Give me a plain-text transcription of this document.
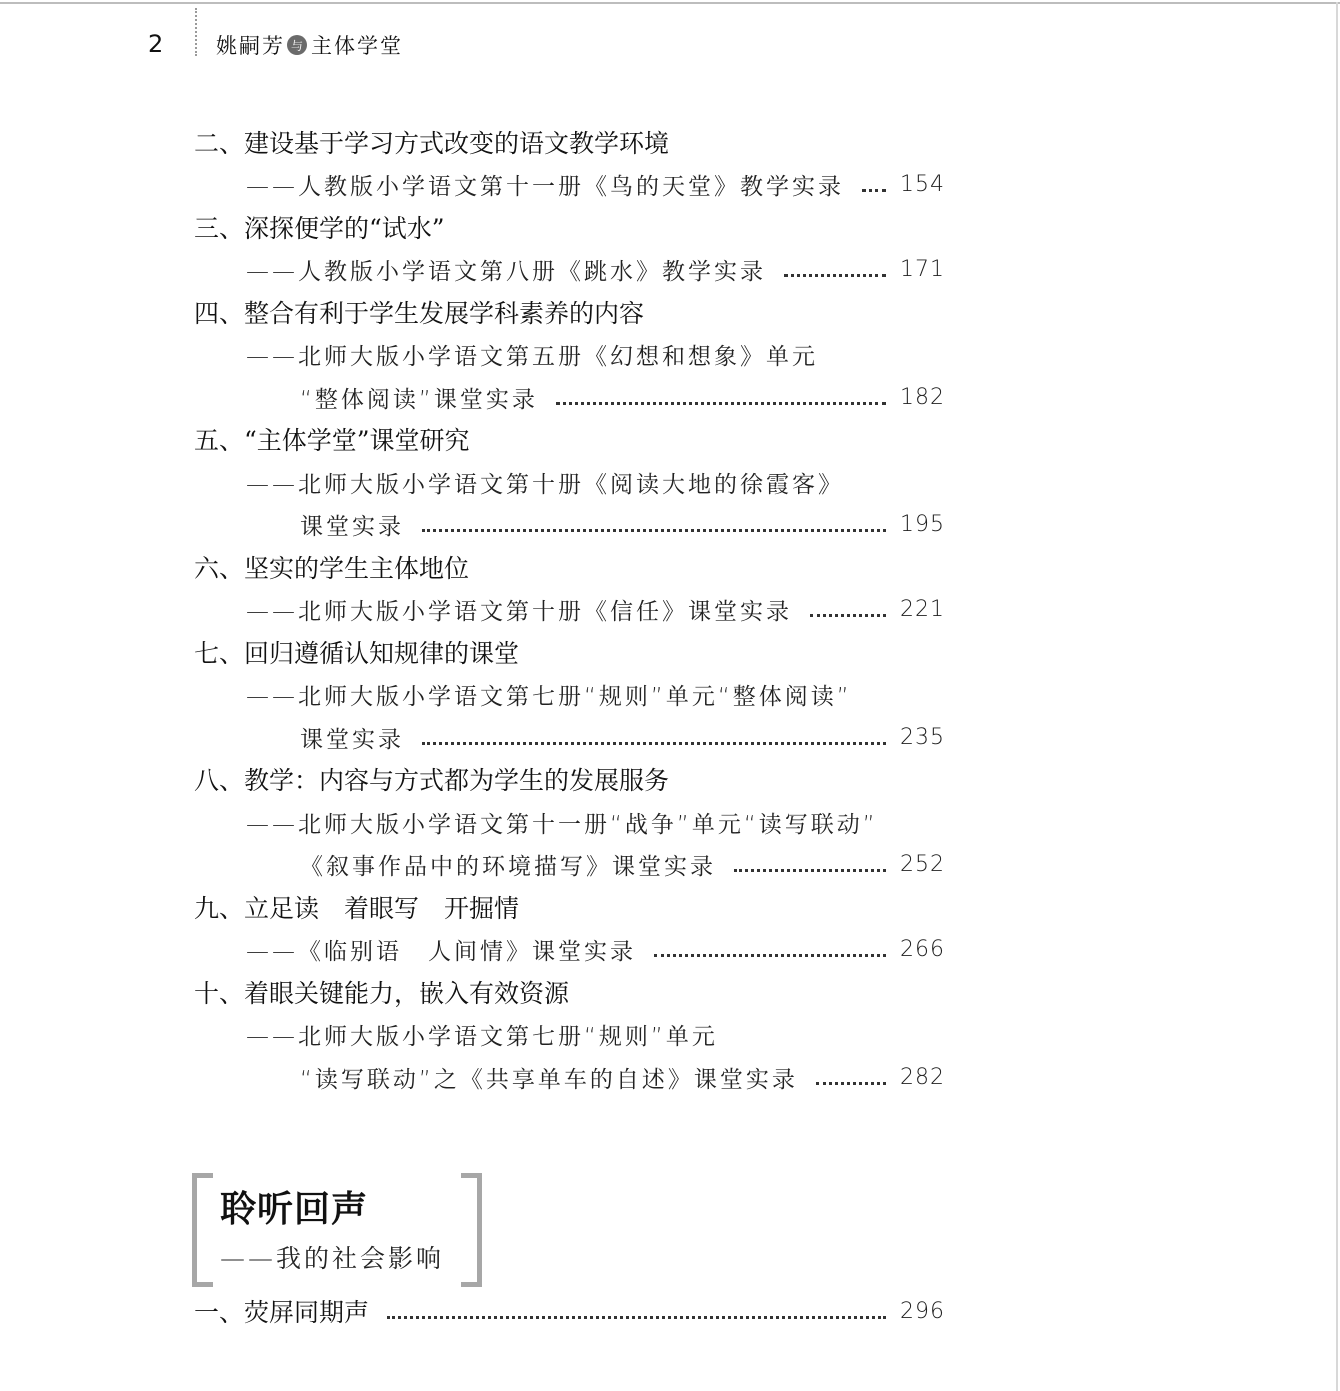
2	姚嗣芳 与 主体学堂
二、建设基于学习方式改变的语文教学环境
——人教版小学语文第十一册《鸟的天堂》教学实录	154
三、深探便学的“试水”
——人教版小学语文第八册《跳水》教学实录	171
四、整合有利于学生发展学科素养的内容
——北师大版小学语文第五册《幻想和想象》单元
“整体阅读”课堂实录	182
五、“主体学堂”课堂研究
——北师大版小学语文第十册《阅读大地的徐霞客》
课堂实录	195
六、坚实的学生主体地位
——北师大版小学语文第十册《信任》课堂实录	221
七、回归遵循认知规律的课堂
——北师大版小学语文第七册“规则”单元“整体阅读”
课堂实录	235
八、教学：内容与方式都为学生的发展服务
——北师大版小学语文第十一册“战争”单元“读写联动”
《叙事作品中的环境描写》课堂实录	252
九、立足读　着眼写　开掘情
——《临别语　人间情》课堂实录	266
十、着眼关键能力，嵌入有效资源
——北师大版小学语文第七册“规则”单元
“读写联动”之《共享单车的自述》课堂实录	282
聆听回声
——我的社会影响
一、荧屏同期声	296
